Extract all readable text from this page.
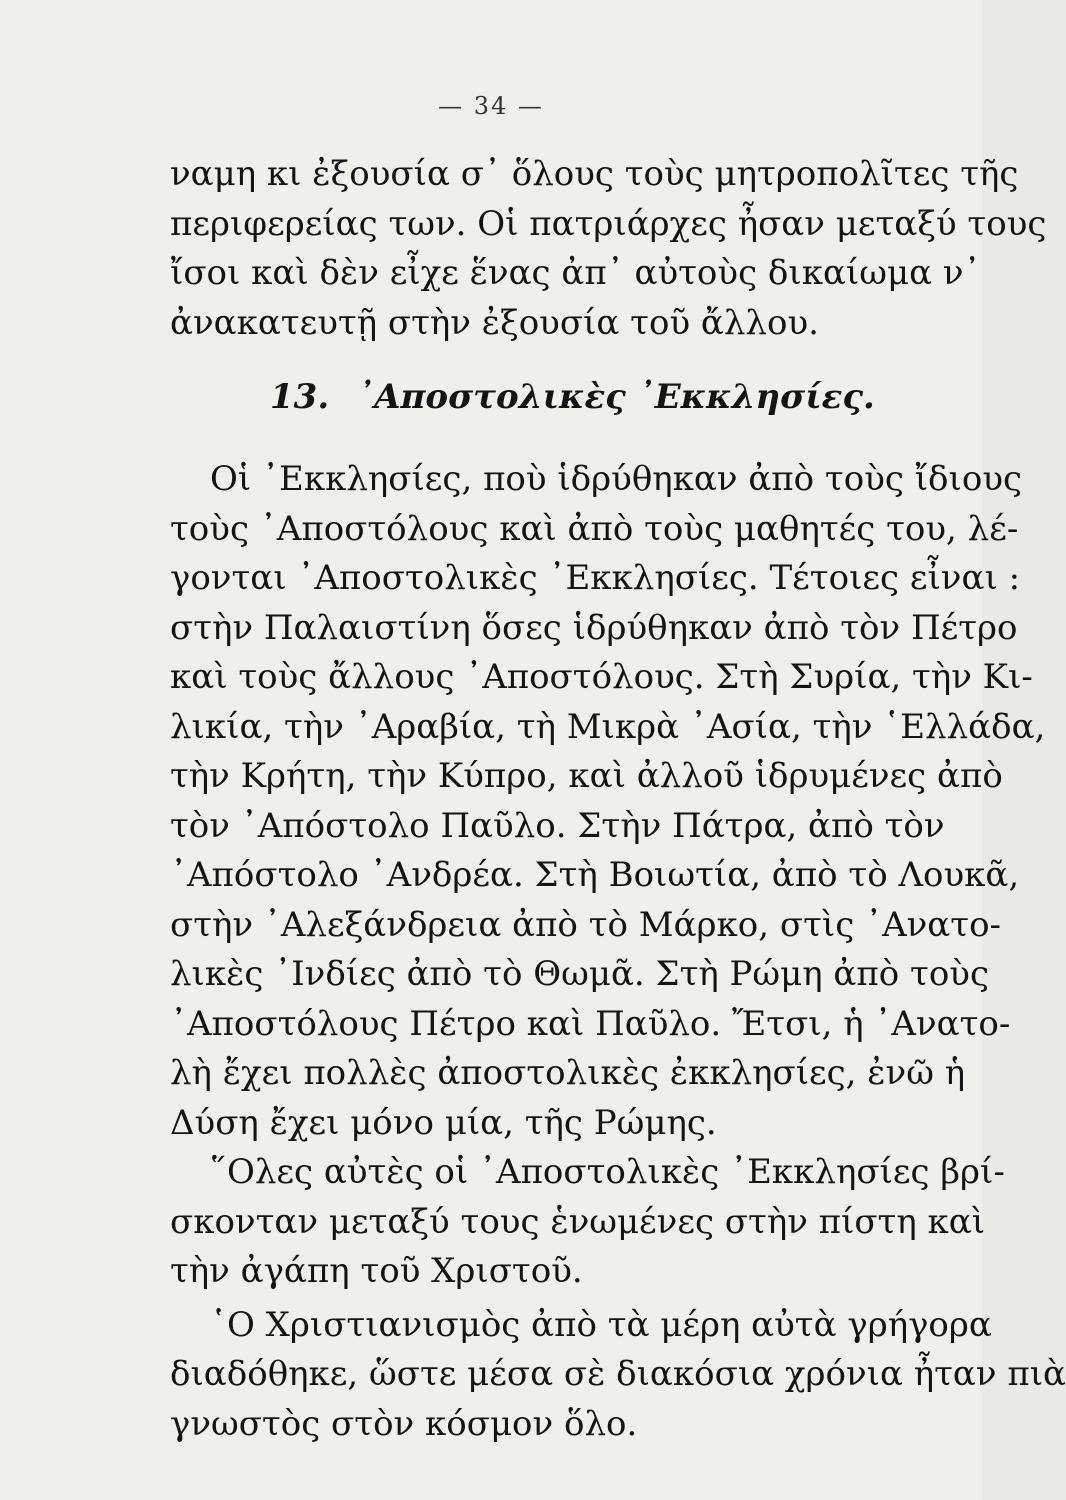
— 34 —
ναμη κι ἐξουσία σ᾽ ὅλους τοὺς μητροπολῖτες τῆς
περιφερείας των. Οἱ πατριάρχες ἦσαν μεταξύ τους
ἴσοι καὶ δὲν εἶχε ἕνας ἀπ᾽ αὐτοὺς δικαίωμα ν᾽
ἀνακατευτῇ στὴν ἐξουσία τοῦ ἄλλου.
13. ᾽Αποστολικὲς ᾽Εκκλησίες.
Οἱ ᾽Εκκλησίες, ποὺ ἱδρύθηκαν ἀπὸ τοὺς ἴδιους
τοὺς ᾽Αποστόλους καὶ ἀπὸ τοὺς μαθητές του, λέ-
γονται ᾽Αποστολικὲς ᾽Εκκλησίες. Τέτοιες εἶναι :
στὴν Παλαιστίνη ὅσες ἱδρύθηκαν ἀπὸ τὸν Πέτρο
καὶ τοὺς ἄλλους ᾽Αποστόλους. Στὴ Συρία, τὴν Κι-
λικία, τὴν ᾽Αραβία, τὴ Μικρὰ ᾽Ασία, τὴν ῾Ελλάδα,
τὴν Κρήτη, τὴν Κύπρο, καὶ ἀλλοῦ ἱδρυμένες ἀπὸ
τὸν ᾽Απόστολο Παῦλο. Στὴν Πάτρα, ἀπὸ τὸν
᾽Απόστολο ᾽Ανδρέα. Στὴ Βοιωτία, ἀπὸ τὸ Λουκᾶ,
στὴν ᾽Αλεξάνδρεια ἀπὸ τὸ Μάρκο, στὶς ᾽Ανατο-
λικὲς ᾽Ινδίες ἀπὸ τὸ Θωμᾶ. Στὴ Ρώμη ἀπὸ τοὺς
᾽Αποστόλους Πέτρο καὶ Παῦλο. Ἔτσι, ἡ ᾽Ανατο-
λὴ ἔχει πολλὲς ἀποστολικὲς ἐκκλησίες, ἐνῶ ἡ
Δύση ἔχει μόνο μία, τῆς Ρώμης.
῞Ολες αὐτὲς οἱ ᾽Αποστολικὲς ᾽Εκκλησίες βρί-
σκονταν μεταξύ τους ἑνωμένες στὴν πίστη καὶ
τὴν ἀγάπη τοῦ Χριστοῦ.
῾Ο Χριστιανισμὸς ἀπὸ τὰ μέρη αὐτὰ γρήγορα
διαδόθηκε, ὥστε μέσα σὲ διακόσια χρόνια ἦταν πιὰ
γνωστὸς στὸν κόσμον ὅλο.
